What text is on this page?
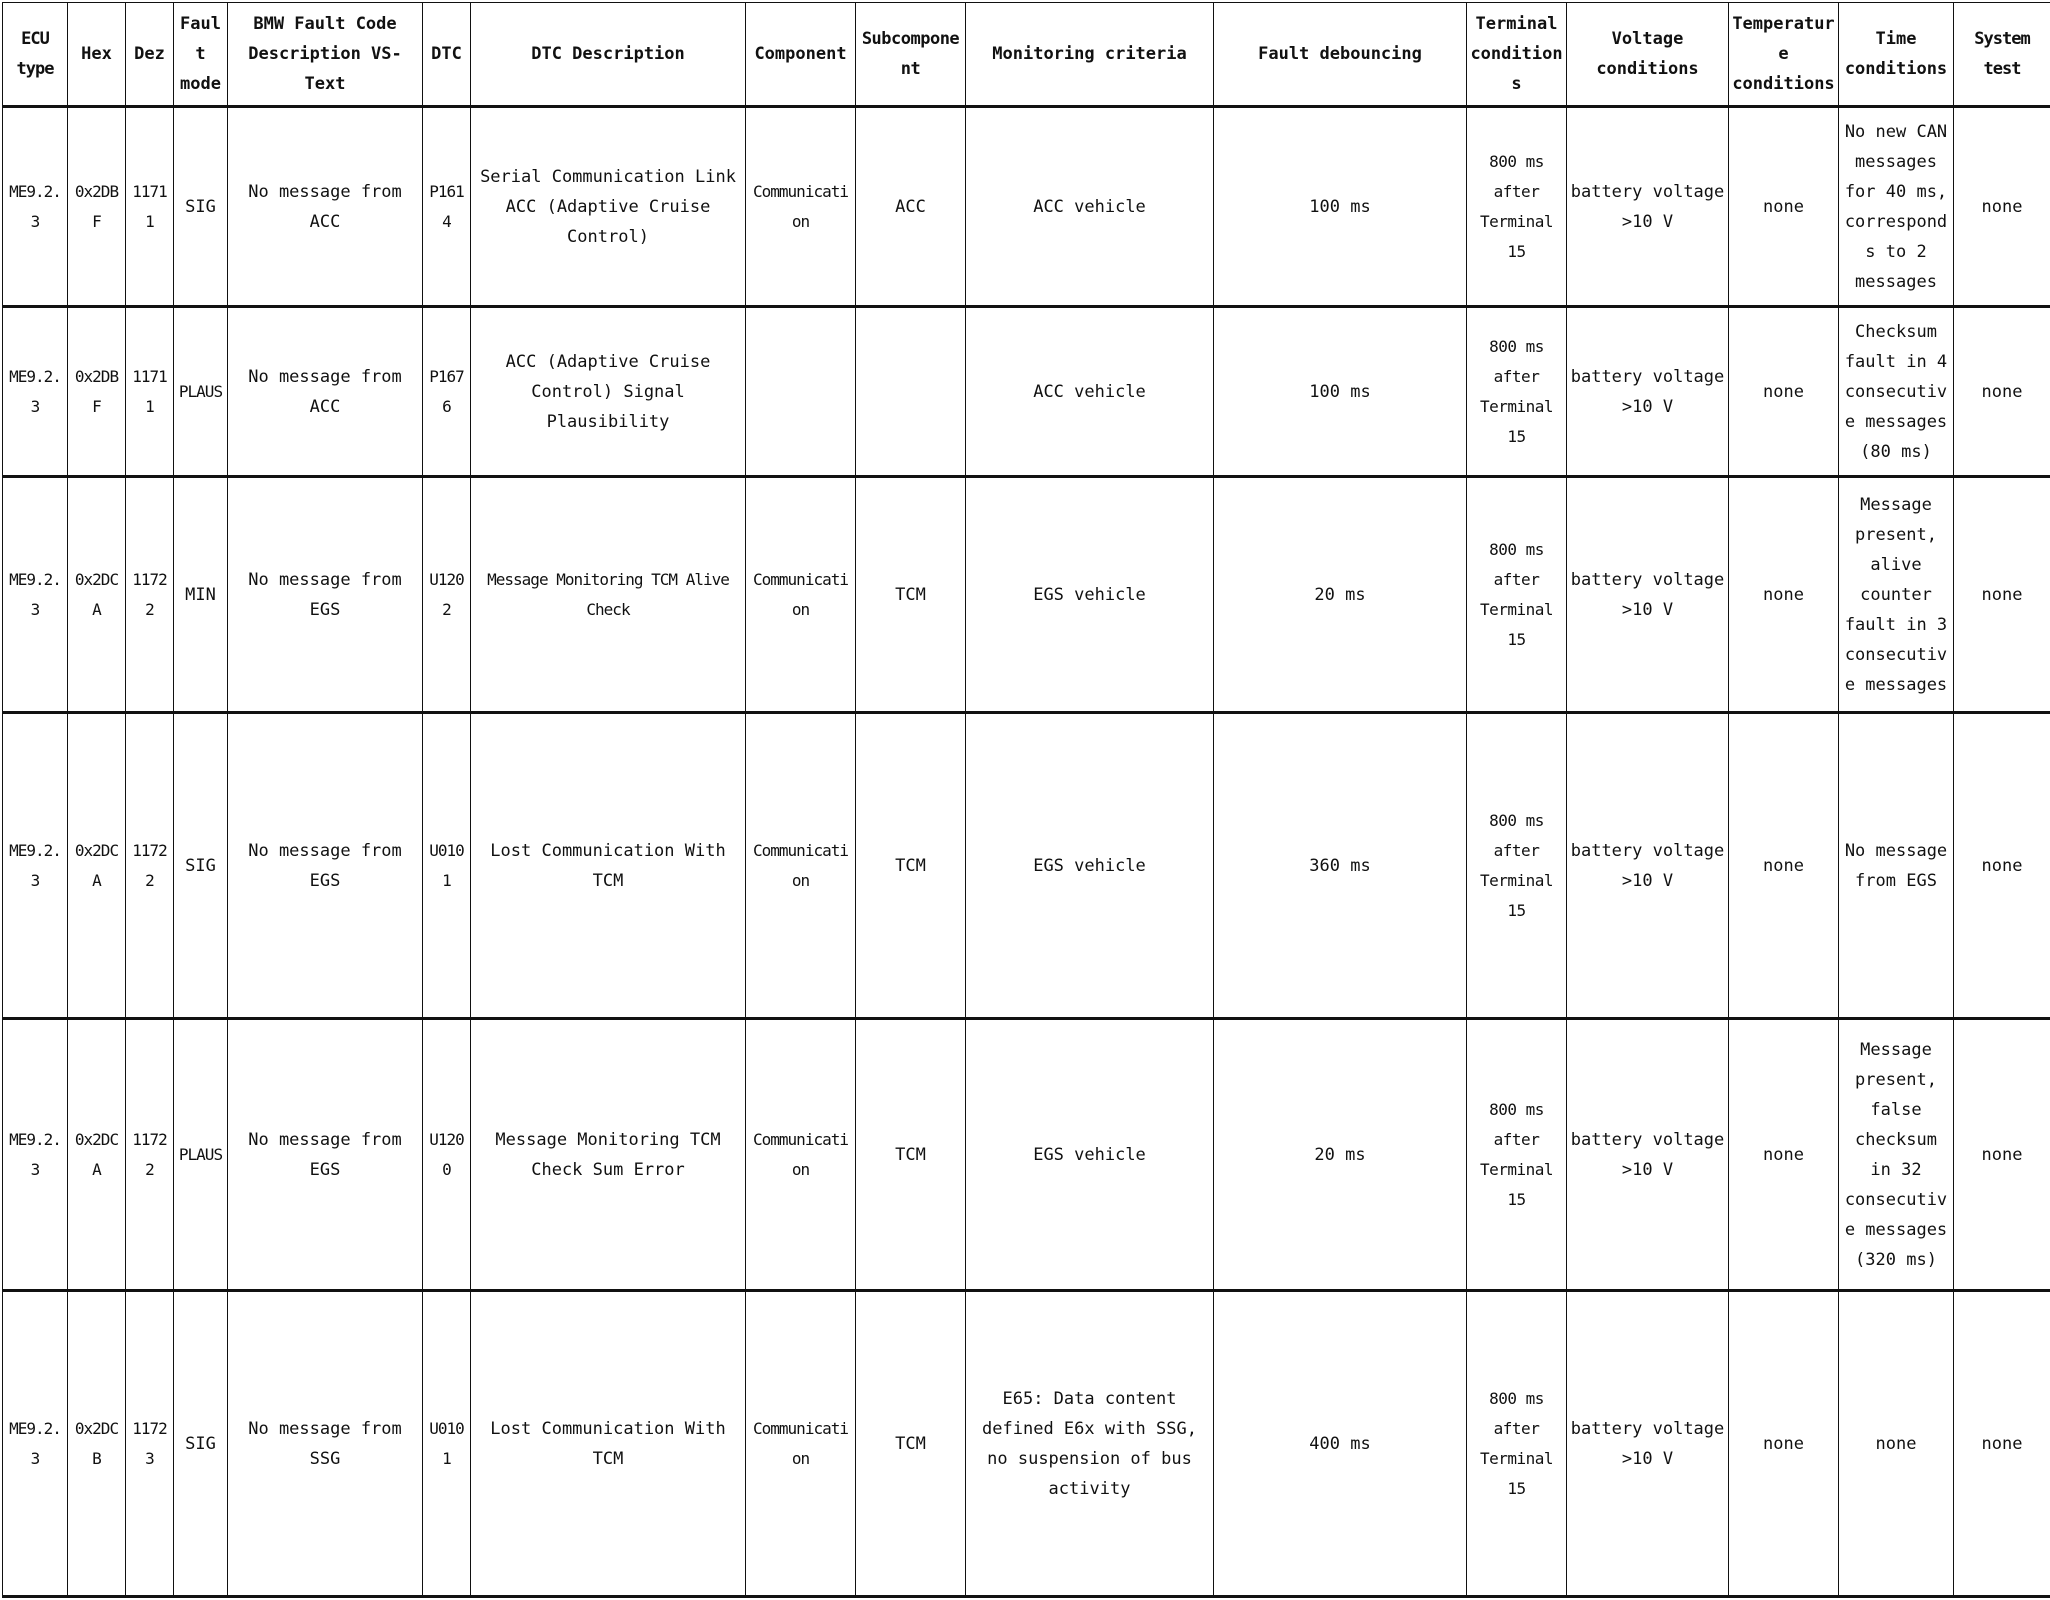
ECU type	Hex	Dez	Fault mode	BMW Fault Code Description VS-Text	DTC	DTC Description	Component	Subcomponent	Monitoring criteria	Fault debouncing	Terminal conditions	Voltage conditions	Temperature conditions	Time conditions	System test
ME9.2.3	0x2DBF	11711	SIG	No message from ACC	P1614	Serial Communication Link ACC (Adaptive Cruise Control)	Communication	ACC	ACC vehicle	100 ms	800 ms after Terminal 15	battery voltage >10 V	none	No new CAN messages for 40 ms, corresponds to 2 messages	none
ME9.2.3	0x2DBF	11711	PLAUS	No message from ACC	P1676	ACC (Adaptive Cruise Control) Signal Plausibility			ACC vehicle	100 ms	800 ms after Terminal 15	battery voltage >10 V	none	Checksum fault in 4 consecutive messages (80 ms)	none
ME9.2.3	0x2DCA	11722	MIN	No message from EGS	U1202	Message Monitoring TCM Alive Check	Communication	TCM	EGS vehicle	20 ms	800 ms after Terminal 15	battery voltage >10 V	none	Message present, alive counter fault in 3 consecutive messages	none
ME9.2.3	0x2DCA	11722	SIG	No message from EGS	U0101	Lost Communication With TCM	Communication	TCM	EGS vehicle	360 ms	800 ms after Terminal 15	battery voltage >10 V	none	No message from EGS	none
ME9.2.3	0x2DCA	11722	PLAUS	No message from EGS	U1200	Message Monitoring TCM Check Sum Error	Communication	TCM	EGS vehicle	20 ms	800 ms after Terminal 15	battery voltage >10 V	none	Message present, false checksum in 32 consecutive messages (320 ms)	none
ME9.2.3	0x2DCB	11723	SIG	No message from SSG	U0101	Lost Communication With TCM	Communication	TCM	E65: Data content defined E6x with SSG, no suspension of bus activity	400 ms	800 ms after Terminal 15	battery voltage >10 V	none	none	none
